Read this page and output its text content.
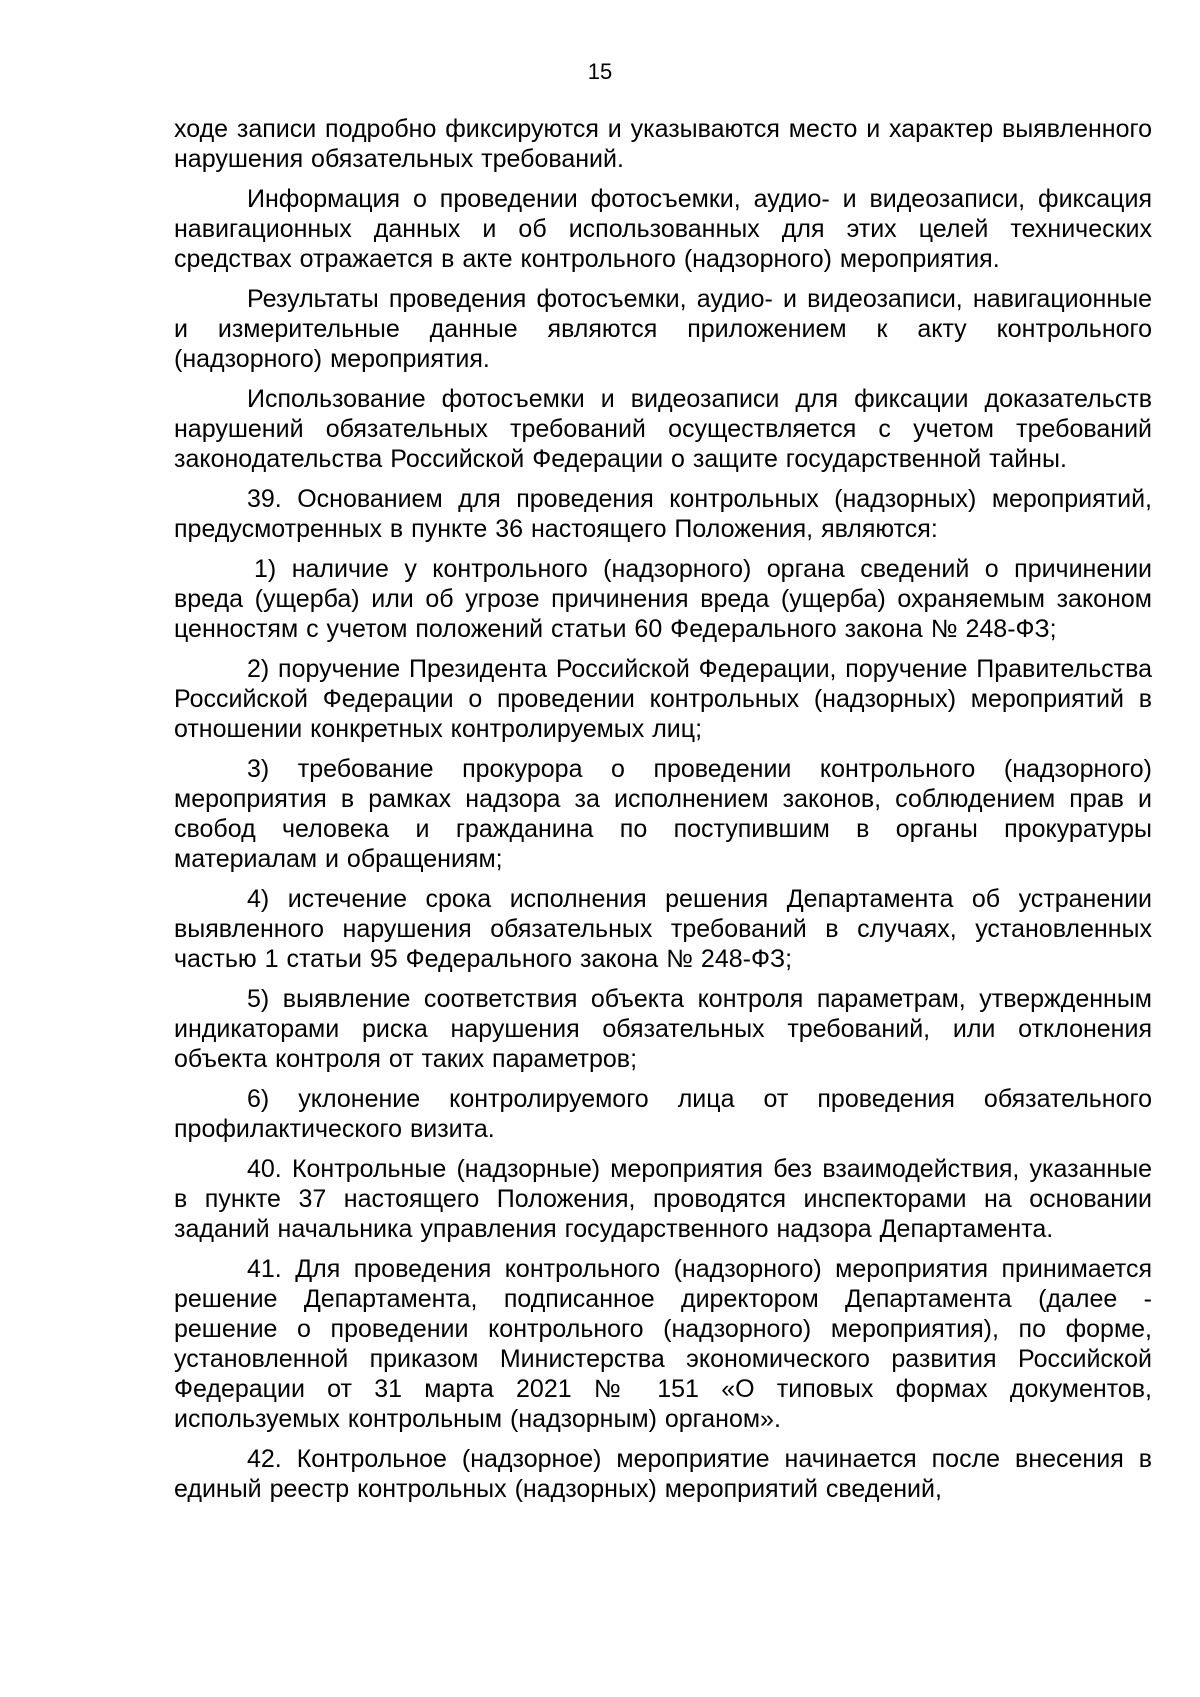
15

ходе записи подробно фиксируются и указываются место и характер выявленного нарушения обязательных требований.

Информация о проведении фотосъемки, аудио- и видеозаписи, фиксация навигационных данных и об использованных для этих целей технических средствах отражается в акте контрольного (надзорного) мероприятия.

Результаты проведения фотосъемки, аудио- и видеозаписи, навигационные и измерительные данные являются приложением к акту контрольного (надзорного) мероприятия.

Использование фотосъемки и видеозаписи для фиксации доказательств нарушений обязательных требований осуществляется с учетом требований законодательства Российской Федерации о защите государственной тайны.

39. Основанием для проведения контрольных (надзорных) мероприятий, предусмотренных в пункте 36 настоящего Положения, являются:

1) наличие у контрольного (надзорного) органа сведений о причинении вреда (ущерба) или об угрозе причинения вреда (ущерба) охраняемым законом ценностям с учетом положений статьи 60 Федерального закона № 248-ФЗ;

2) поручение Президента Российской Федерации, поручение Правительства Российской Федерации о проведении контрольных (надзорных) мероприятий в отношении конкретных контролируемых лиц;

3) требование прокурора о проведении контрольного (надзорного) мероприятия в рамках надзора за исполнением законов, соблюдением прав и свобод человека и гражданина по поступившим в органы прокуратуры материалам и обращениям;

4) истечение срока исполнения решения Департамента об устранении выявленного нарушения обязательных требований в случаях, установленных частью 1 статьи 95 Федерального закона № 248-ФЗ;

5) выявление соответствия объекта контроля параметрам, утвержденным индикаторами риска нарушения обязательных требований, или отклонения объекта контроля от таких параметров;

6) уклонение контролируемого лица от проведения обязательного профилактического визита.

40. Контрольные (надзорные) мероприятия без взаимодействия, указанные в пункте 37 настоящего Положения, проводятся инспекторами на основании заданий начальника управления государственного надзора Департамента.

41. Для проведения контрольного (надзорного) мероприятия принимается решение Департамента, подписанное директором Департамента (далее - решение о проведении контрольного (надзорного) мероприятия), по форме, установленной приказом Министерства экономического развития Российской Федерации от 31 марта 2021 № 151 «О типовых формах документов, используемых контрольным (надзорным) органом».

42. Контрольное (надзорное) мероприятие начинается после внесения в единый реестр контрольных (надзорных) мероприятий сведений,
